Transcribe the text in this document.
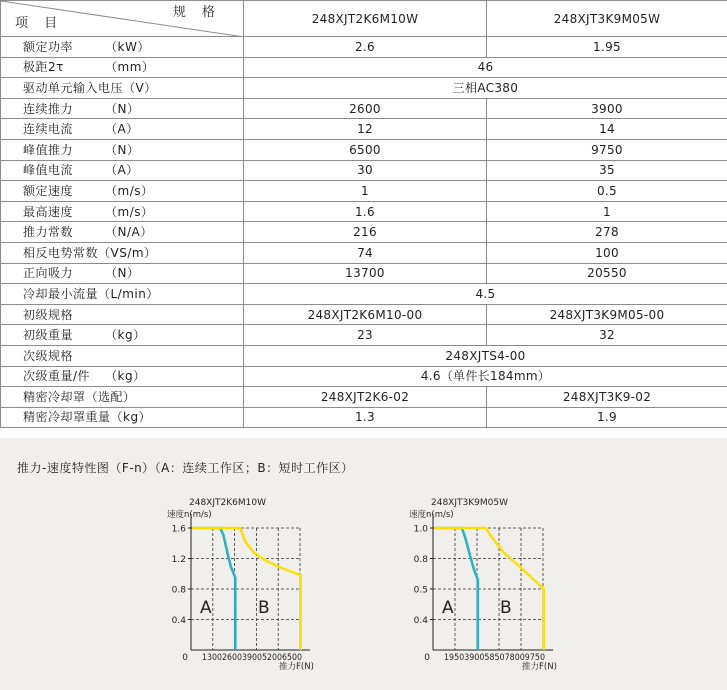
规 格
项 目	248XJT2K6M10W	248XJT3K9M05W

额定功率 （kW）	2.6	1.95

极距2τ （mm）	46	

驱动单元输入电压（V）	三相AC380	

连续推力 （N）	2600	3900

连续电流 （A）	12	14

峰值推力 （N）	6500	9750

峰值电流 （A）	30	35

额定速度 （m/s）	1	0.5

最高速度 （m/s）	1.6	1

推力常数 （N/A）	216	278

相反电势常数（VS/m）	74	100

正向吸力 （N）	13700	20550

冷却最小流量（L/min）	4.5	

初级规格	248XJT2K6M10-00	248XJT3K9M05-00

初级重量 （kg）	23	32

次级规格	248XJTS4-00	

次级重量/件 （kg）	4.6（单件长184mm）	

精密冷却罩（选配）	248XJT2K6-02	248XJT3K9-02

精密冷却罩重量（kg）	1.3	1.9
推力-速度特性图（F-n）（A：连续工作区；B：短时工作区）
1.6
1.2
0.8
0.4
0 13002600390052006500
速度n(m/s)
推力F(N)
248XJT2K6M10W
A	B
1.0
0.8
0.5
0.4
0 19503900585078009750
速度n(m/s)
推力F(N)
248XJT3K9M05W
A	B
